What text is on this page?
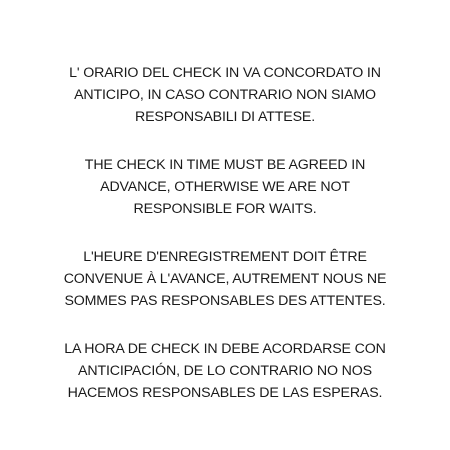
L' ORARIO DEL CHECK IN VA CONCORDATO IN
ANTICIPO, IN CASO CONTRARIO NON SIAMO
RESPONSABILI DI ATTESE.

THE CHECK IN TIME MUST BE AGREED IN
ADVANCE, OTHERWISE WE ARE NOT
RESPONSIBLE FOR WAITS.

L'HEURE D'ENREGISTREMENT DOIT ÊTRE
CONVENUE À L'AVANCE, AUTREMENT NOUS NE
SOMMES PAS RESPONSABLES DES ATTENTES.

LA HORA DE CHECK IN DEBE ACORDARSE CON
ANTICIPACIÓN, DE LO CONTRARIO NO NOS
HACEMOS RESPONSABLES DE LAS ESPERAS.
